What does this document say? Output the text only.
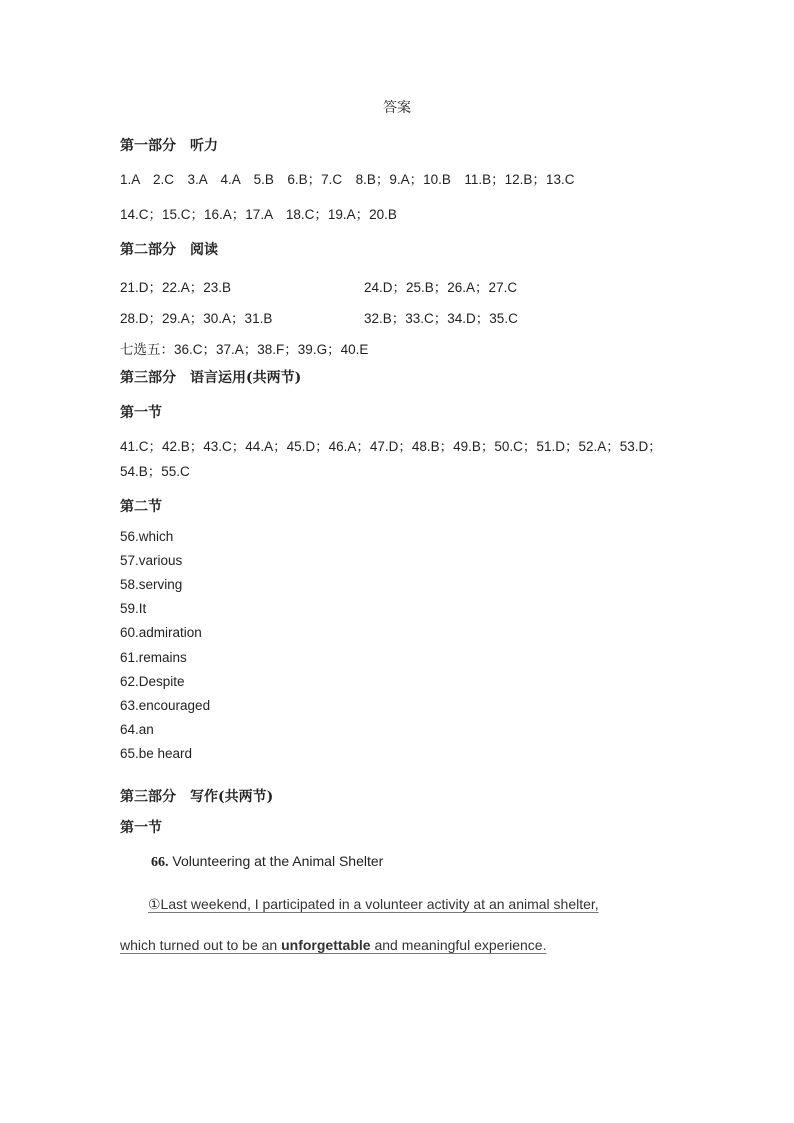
答案
第一部分　听力
1.A　2.C　3.A　4.A　5.B　6.B；7.C　8.B；9.A；10.B　11.B；12.B；13.C
14.C；15.C；16.A；17.A　18.C；19.A；20.B
第二部分　阅读
21.D；22.A；23.B	24.D；25.B；26.A；27.C
28.D；29.A；30.A；31.B	32.B；33.C；34.D；35.C
七选五：36.C；37.A；38.F；39.G；40.E
第三部分　语言运用(共两节)
第一节
41.C；42.B；43.C；44.A；45.D；46.A；47.D；48.B；49.B；50.C；51.D；52.A；53.D；
54.B；55.C
第二节
56.which
57.various
58.serving
59.It
60.admiration
61.remains
62.Despite
63.encouraged
64.an
65.be heard
第三部分　写作(共两节)
第一节
66. Volunteering at the Animal Shelter
①Last weekend, I participated in a volunteer activity at an animal shelter,
which turned out to be an unforgettable and meaningful experience.
